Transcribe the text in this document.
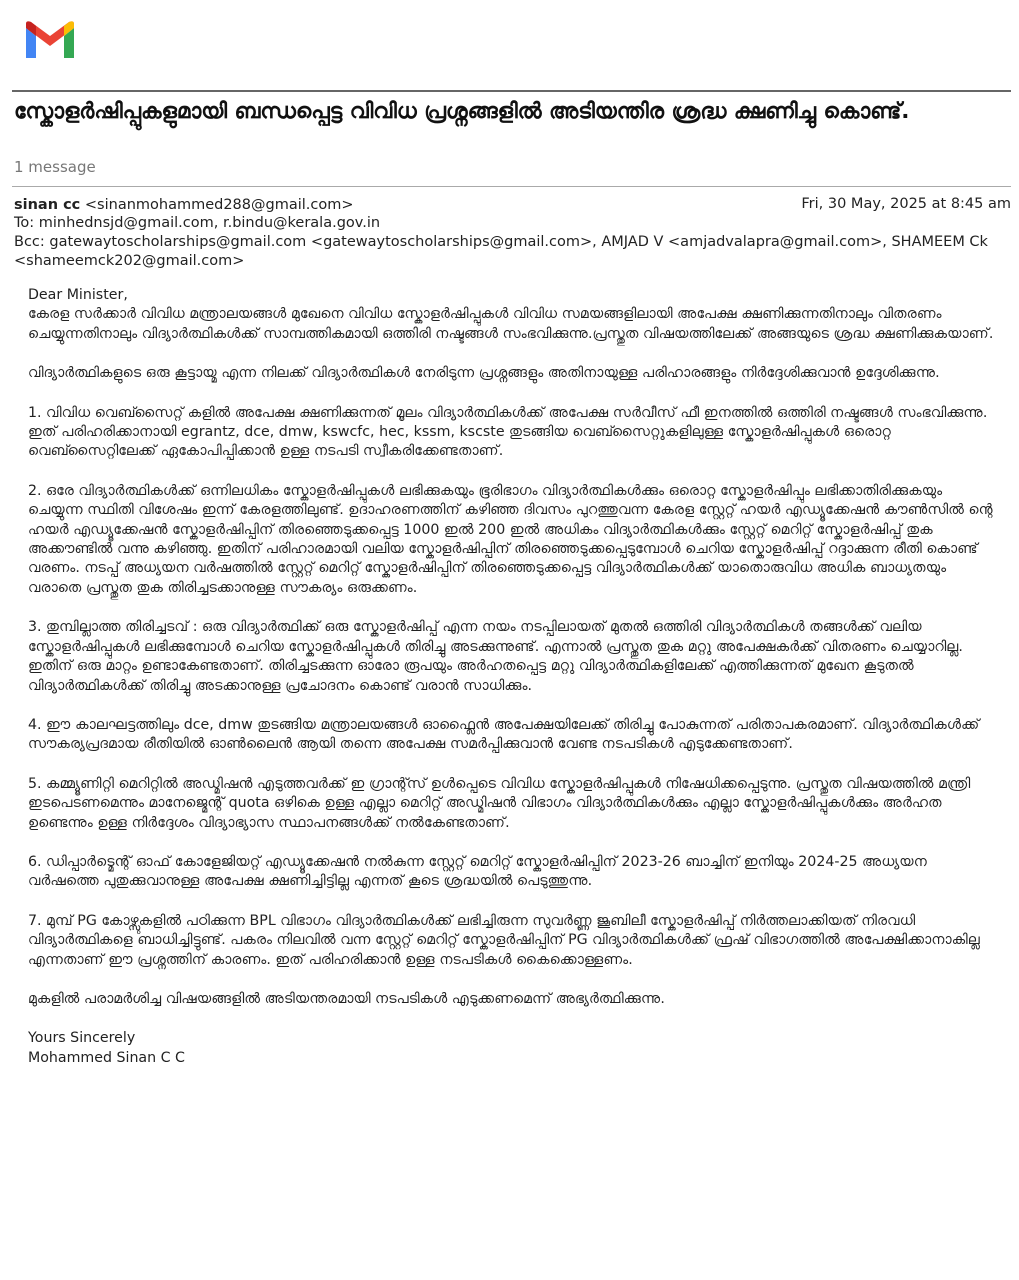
സ്കോളർഷിപ്പുകളുമായി ബന്ധപ്പെട്ട വിവിധ പ്രശ്നങ്ങളിൽ അടിയന്തിര ശ്രദ്ധ ക്ഷണിച്ചു കൊണ്ട്.
1 message
sinan cc <sinanmohammed288@gmail.com>	Fri, 30 May, 2025 at 8:45 am
To: minhednsjd@gmail.com, r.bindu@kerala.gov.in
Bcc: gatewaytoscholarships@gmail.com <gatewaytoscholarships@gmail.com>, AMJAD V <amjadvalapra@gmail.com>, SHAMEEM Ck <shameemck202@gmail.com>

Dear Minister,

കേരള സർക്കാർ വിവിധ മന്ത്രാലയങ്ങൾ മുഖേനെ വിവിധ സ്കോളർഷിപ്പുകൾ വിവിധ സമയങ്ങളിലായി അപേക്ഷ ക്ഷണിക്കുന്നതിനാലും വിതരണം ചെയ്യുന്നതിനാലും വിദ്യാർത്ഥികൾക്ക് സാമ്പത്തികമായി ഒത്തിരി നഷ്ടങ്ങൾ സംഭവിക്കുന്നു.പ്രസ്തുത വിഷയത്തിലേക്ക് അങ്ങയുടെ ശ്രദ്ധ ക്ഷണിക്കുകയാണ്.

വിദ്യാർത്ഥികളുടെ ഒരു കൂട്ടായ്മ എന്ന നിലക്ക് വിദ്യാർത്ഥികൾ നേരിടുന്ന പ്രശ്നങ്ങളും അതിനായുള്ള പരിഹാരങ്ങളും നിർദ്ദേശിക്കുവാൻ ഉദ്ദേശിക്കുന്നു.

1. വിവിധ വെബ്സൈറ്റ് കളിൽ അപേക്ഷ ക്ഷണിക്കുന്നത് മൂലം വിദ്യാർത്ഥികൾക്ക് അപേക്ഷ സർവീസ് ഫീ ഇനത്തിൽ ഒത്തിരി നഷ്ടങ്ങൾ സംഭവിക്കുന്നു. ഇത് പരിഹരിക്കാനായി egrantz, dce, dmw, kswcfc, hec, kssm, kscste തുടങ്ങിയ വെബ്സൈറ്റുകളിലുള്ള സ്കോളർഷിപ്പുകൾ ഒരൊറ്റ വെബ്സൈറ്റിലേക്ക് ഏകോപിപ്പിക്കാൻ ഉള്ള നടപടി സ്വീകരിക്കേണ്ടതാണ്.

2. ഒരേ വിദ്യാർത്ഥികൾക്ക് ഒന്നിലധികം സ്കോളർഷിപ്പുകൾ ലഭിക്കുകയും ഭൂരിഭാഗം വിദ്യാർത്ഥികൾക്കും ഒരൊറ്റ സ്കോളർഷിപ്പും ലഭിക്കാതിരിക്കുകയും ചെയ്യുന്ന സ്ഥിതി വിശേഷം ഇന്ന് കേരളത്തിലുണ്ട്. ഉദാഹരണത്തിന് കഴിഞ്ഞ ദിവസം പുറത്തുവന്ന കേരള സ്റ്റേറ്റ് ഹയർ എഡ്യൂക്കേഷൻ കൗൺസിൽ ന്റെ ഹയർ എഡ്യൂക്കേഷൻ സ്കോളർഷിപ്പിന് തിരഞ്ഞെടുക്കപ്പെട്ട 1000 ഇൽ 200 ഇൽ അധികം വിദ്യാർത്ഥികൾക്കും സ്റ്റേറ്റ് മെറിറ്റ് സ്കോളർഷിപ്പ് തുക അക്കൗണ്ടിൽ വന്നു കഴിഞ്ഞു. ഇതിന് പരിഹാരമായി വലിയ സ്കോളർഷിപ്പിന് തിരഞ്ഞെടുക്കപ്പെടുമ്പോൾ ചെറിയ സ്കോളർഷിപ്പ് റദ്ദാക്കുന്ന രീതി കൊണ്ട് വരണം. നടപ്പ് അധ്യയന വർഷത്തിൽ സ്റ്റേറ്റ് മെറിറ്റ് സ്കോളർഷിപ്പിന് തിരഞ്ഞെടുക്കപ്പെട്ട വിദ്യാർത്ഥികൾക്ക് യാതൊരുവിധ അധിക ബാധ്യതയും വരാതെ പ്രസ്തുത തുക തിരിച്ചടക്കാനുള്ള സൗകര്യം ഒരുക്കണം.

3. തുമ്പില്ലാത്ത തിരിച്ചടവ് : ഒരു വിദ്യാർത്ഥിക്ക് ഒരു സ്കോളർഷിപ്പ് എന്ന നയം നടപ്പിലായത് മുതൽ ഒത്തിരി വിദ്യാർത്ഥികൾ തങ്ങൾക്ക് വലിയ സ്കോളർഷിപ്പുകൾ ലഭിക്കുമ്പോൾ ചെറിയ സ്കോളർഷിപ്പുകൾ തിരിച്ചു അടക്കുന്നുണ്ട്. എന്നാൽ പ്രസ്തുത തുക മറ്റു അപേക്ഷകർക്ക് വിതരണം ചെയ്യാറില്ല. ഇതിന് ഒരു മാറ്റം ഉണ്ടാകേണ്ടതാണ്. തിരിച്ചടക്കുന്ന ഓരോ രൂപയും അർഹതപ്പെട്ട മറ്റു വിദ്യാർത്ഥികളിലേക്ക് എത്തിക്കുന്നത് മുഖേന കൂടുതൽ വിദ്യാർത്ഥികൾക്ക് തിരിച്ചു അടക്കാനുള്ള പ്രചോദനം കൊണ്ട് വരാൻ സാധിക്കും.

4. ഈ കാലഘട്ടത്തിലും dce, dmw തുടങ്ങിയ മന്ത്രാലയങ്ങൾ ഓഫ്ലൈൻ അപേക്ഷയിലേക്ക് തിരിച്ചു പോകുന്നത് പരിതാപകരമാണ്. വിദ്യാർത്ഥികൾക്ക് സൗകര്യപ്രദമായ രീതിയിൽ ഓൺലൈൻ ആയി തന്നെ അപേക്ഷ സമർപ്പിക്കുവാൻ വേണ്ട നടപടികൾ എടുക്കേണ്ടതാണ്.

5. കമ്മ്യൂണിറ്റി മെറിറ്റിൽ അഡ്മിഷൻ എടുത്തവർക്ക് ഇ ഗ്രാന്റ്സ് ഉൾപ്പെടെ വിവിധ സ്കോളർഷിപ്പുകൾ നിഷേധിക്കപ്പെടുന്നു. പ്രസ്തുത വിഷയത്തിൽ മന്ത്രി ഇടപെടണമെന്നും മാനേജ്മെന്റ് quota ഒഴികെ ഉള്ള എല്ലാ മെറിറ്റ് അഡ്മിഷൻ വിഭാഗം വിദ്യാർത്ഥികൾക്കും എല്ലാ സ്കോളർഷിപ്പുകൾക്കും അർഹത ഉണ്ടെന്നും ഉള്ള നിർദ്ദേശം വിദ്യാഭ്യാസ സ്ഥാപനങ്ങൾക്ക് നൽകേണ്ടതാണ്.

6. ഡിപ്പാർട്മെന്റ് ഓഫ് കോളേജിയറ്റ് എഡ്യൂക്കേഷൻ നൽകുന്ന സ്റ്റേറ്റ് മെറിറ്റ് സ്കോളർഷിപ്പിന് 2023-26 ബാച്ചിന് ഇനിയും 2024-25 അധ്യയന വർഷത്തെ പുതുക്കുവാനുള്ള അപേക്ഷ ക്ഷണിച്ചിട്ടില്ല എന്നത് കൂടെ ശ്രദ്ധയിൽ പെടുത്തുന്നു.

7. മുമ്പ് PG കോഴ്സുകളിൽ പഠിക്കുന്ന BPL വിഭാഗം വിദ്യാർത്ഥികൾക്ക് ലഭിച്ചിരുന്ന സുവർണ്ണ ജൂബിലീ സ്കോളർഷിപ്പ് നിർത്തലാക്കിയത് നിരവധി വിദ്യാർത്ഥികളെ ബാധിച്ചിട്ടുണ്ട്. പകരം നിലവിൽ വന്ന സ്റ്റേറ്റ് മെറിറ്റ് സ്കോളർഷിപ്പിന് PG വിദ്യാർത്ഥികൾക്ക് ഫ്രഷ് വിഭാഗത്തിൽ അപേക്ഷിക്കാനാകില്ല എന്നതാണ് ഈ പ്രശ്നത്തിന് കാരണം. ഇത് പരിഹരിക്കാൻ ഉള്ള നടപടികൾ കൈക്കൊള്ളണം.

മുകളിൽ പരാമർശിച്ച വിഷയങ്ങളിൽ അടിയന്തരമായി നടപടികൾ എടുക്കണമെന്ന് അഭ്യർത്ഥിക്കുന്നു.

Yours Sincerely

Mohammed Sinan C C
